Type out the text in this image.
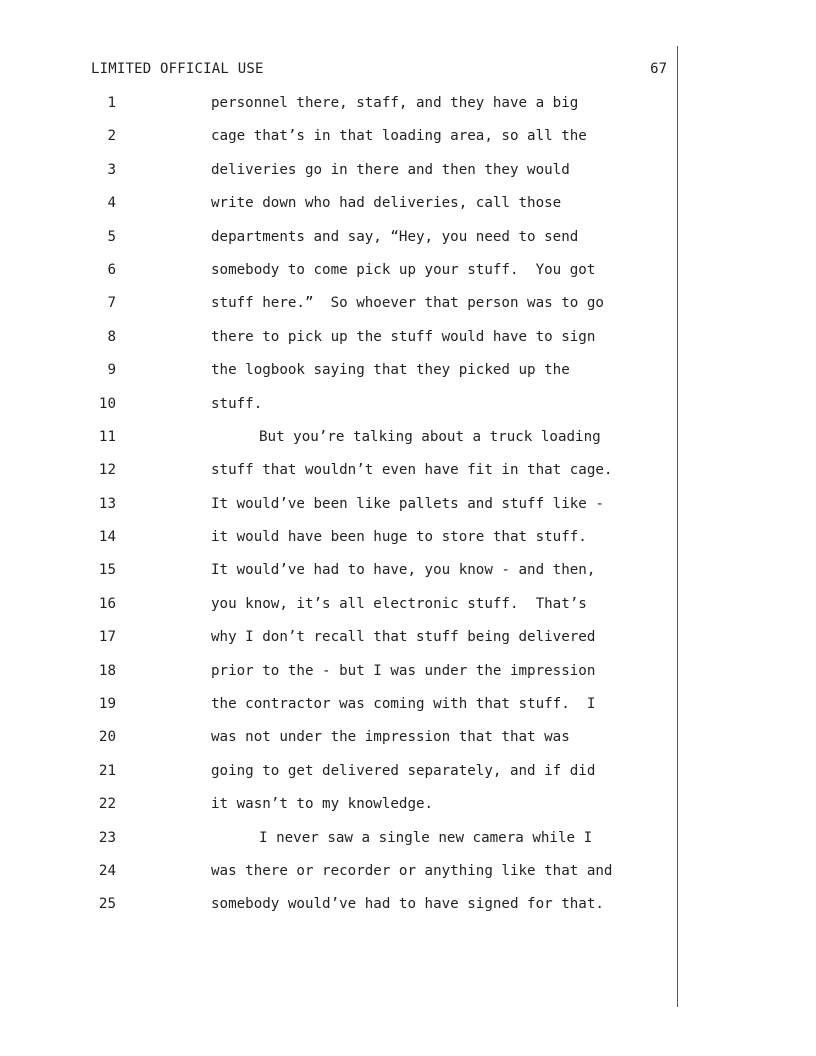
LIMITED OFFICIAL USE	67
1	personnel there, staff, and they have a big
2	cage that’s in that loading area, so all the
3	deliveries go in there and then they would
4	write down who had deliveries, call those
5	departments and say, “Hey, you need to send
6	somebody to come pick up your stuff.  You got
7	stuff here.”  So whoever that person was to go
8	there to pick up the stuff would have to sign
9	the logbook saying that they picked up the
10	stuff.
11	But you’re talking about a truck loading
12	stuff that wouldn’t even have fit in that cage.
13	It would’ve been like pallets and stuff like -
14	it would have been huge to store that stuff.
15	It would’ve had to have, you know - and then,
16	you know, it’s all electronic stuff.  That’s
17	why I don’t recall that stuff being delivered
18	prior to the - but I was under the impression
19	the contractor was coming with that stuff.  I
20	was not under the impression that that was
21	going to get delivered separately, and if did
22	it wasn’t to my knowledge.
23	I never saw a single new camera while I
24	was there or recorder or anything like that and
25	somebody would’ve had to have signed for that.
